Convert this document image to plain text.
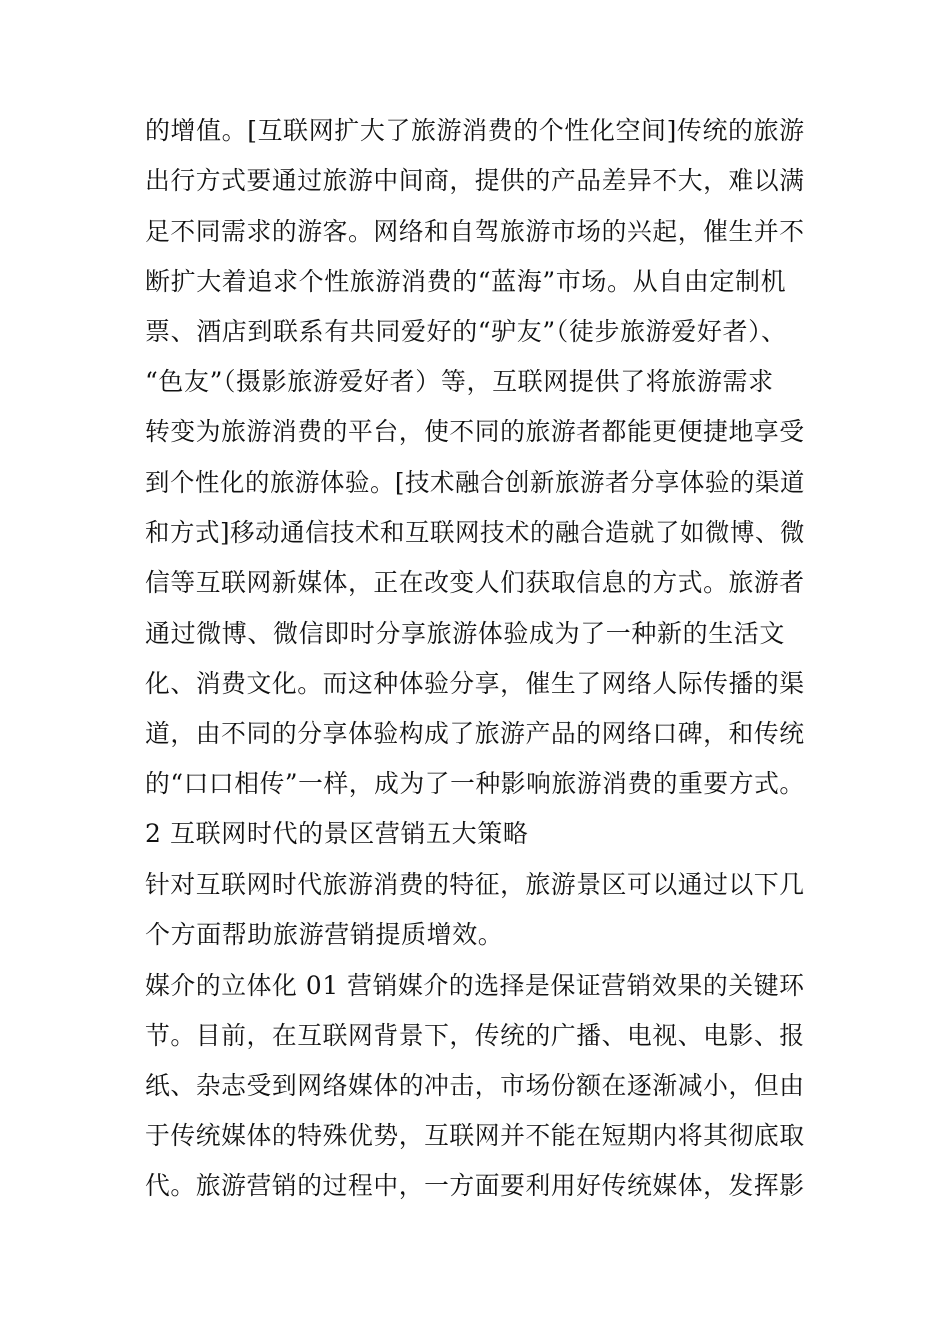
的增值。[互联网扩大了旅游消费的个性化空间]传统的旅游

出行方式要通过旅游中间商，提供的产品差异不大，难以满

足不同需求的游客。网络和自驾旅游市场的兴起，催生并不

断扩大着追求个性旅游消费的“蓝海”市场。从自由定制机

票、酒店到联系有共同爱好的“驴友”（徒步旅游爱好者）、

“色友”（摄影旅游爱好者）等，互联网提供了将旅游需求

转变为旅游消费的平台，使不同的旅游者都能更便捷地享受

到个性化的旅游体验。[技术融合创新旅游者分享体验的渠道

和方式]移动通信技术和互联网技术的融合造就了如微博、微

信等互联网新媒体，正在改变人们获取信息的方式。旅游者

通过微博、微信即时分享旅游体验成为了一种新的生活文

化、消费文化。而这种体验分享，催生了网络人际传播的渠

道，由不同的分享体验构成了旅游产品的网络口碑，和传统

的“口口相传”一样，成为了一种影响旅游消费的重要方式。

2 互联网时代的景区营销五大策略

针对互联网时代旅游消费的特征，旅游景区可以通过以下几

个方面帮助旅游营销提质增效。

媒介的立体化 01 营销媒介的选择是保证营销效果的关键环

节。目前，在互联网背景下，传统的广播、电视、电影、报

纸、杂志受到网络媒体的冲击，市场份额在逐渐减小，但由

于传统媒体的特殊优势，互联网并不能在短期内将其彻底取

代。旅游营销的过程中，一方面要利用好传统媒体，发挥影
